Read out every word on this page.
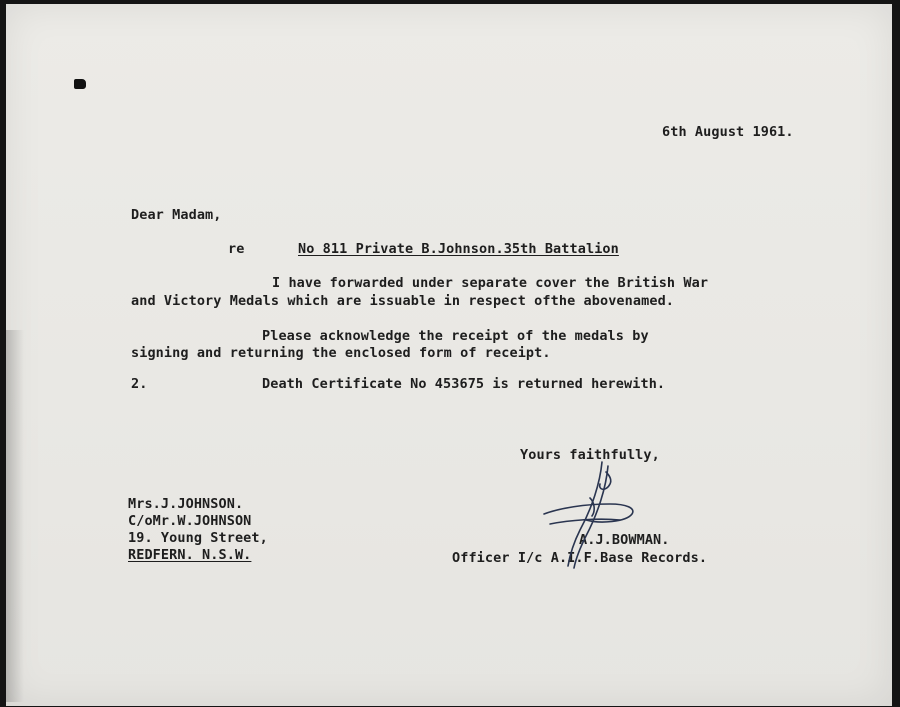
6th August 1961.
Dear Madam,
re	No 811 Private B.Johnson.35th Battalion
I have forwarded under separate cover the British War
and Victory Medals which are issuable in respect ofthe abovenamed.
Please acknowledge the receipt of the medals by
signing and returning the enclosed form of receipt.
2.	Death Certificate No 453675 is returned herewith.
Yours faithfully,
Mrs.J.JOHNSON.
C/oMr.W.JOHNSON
19. Young Street,
REDFERN. N.S.W.
A.J.BOWMAN.
Officer I/c A.I.F.Base Records.
